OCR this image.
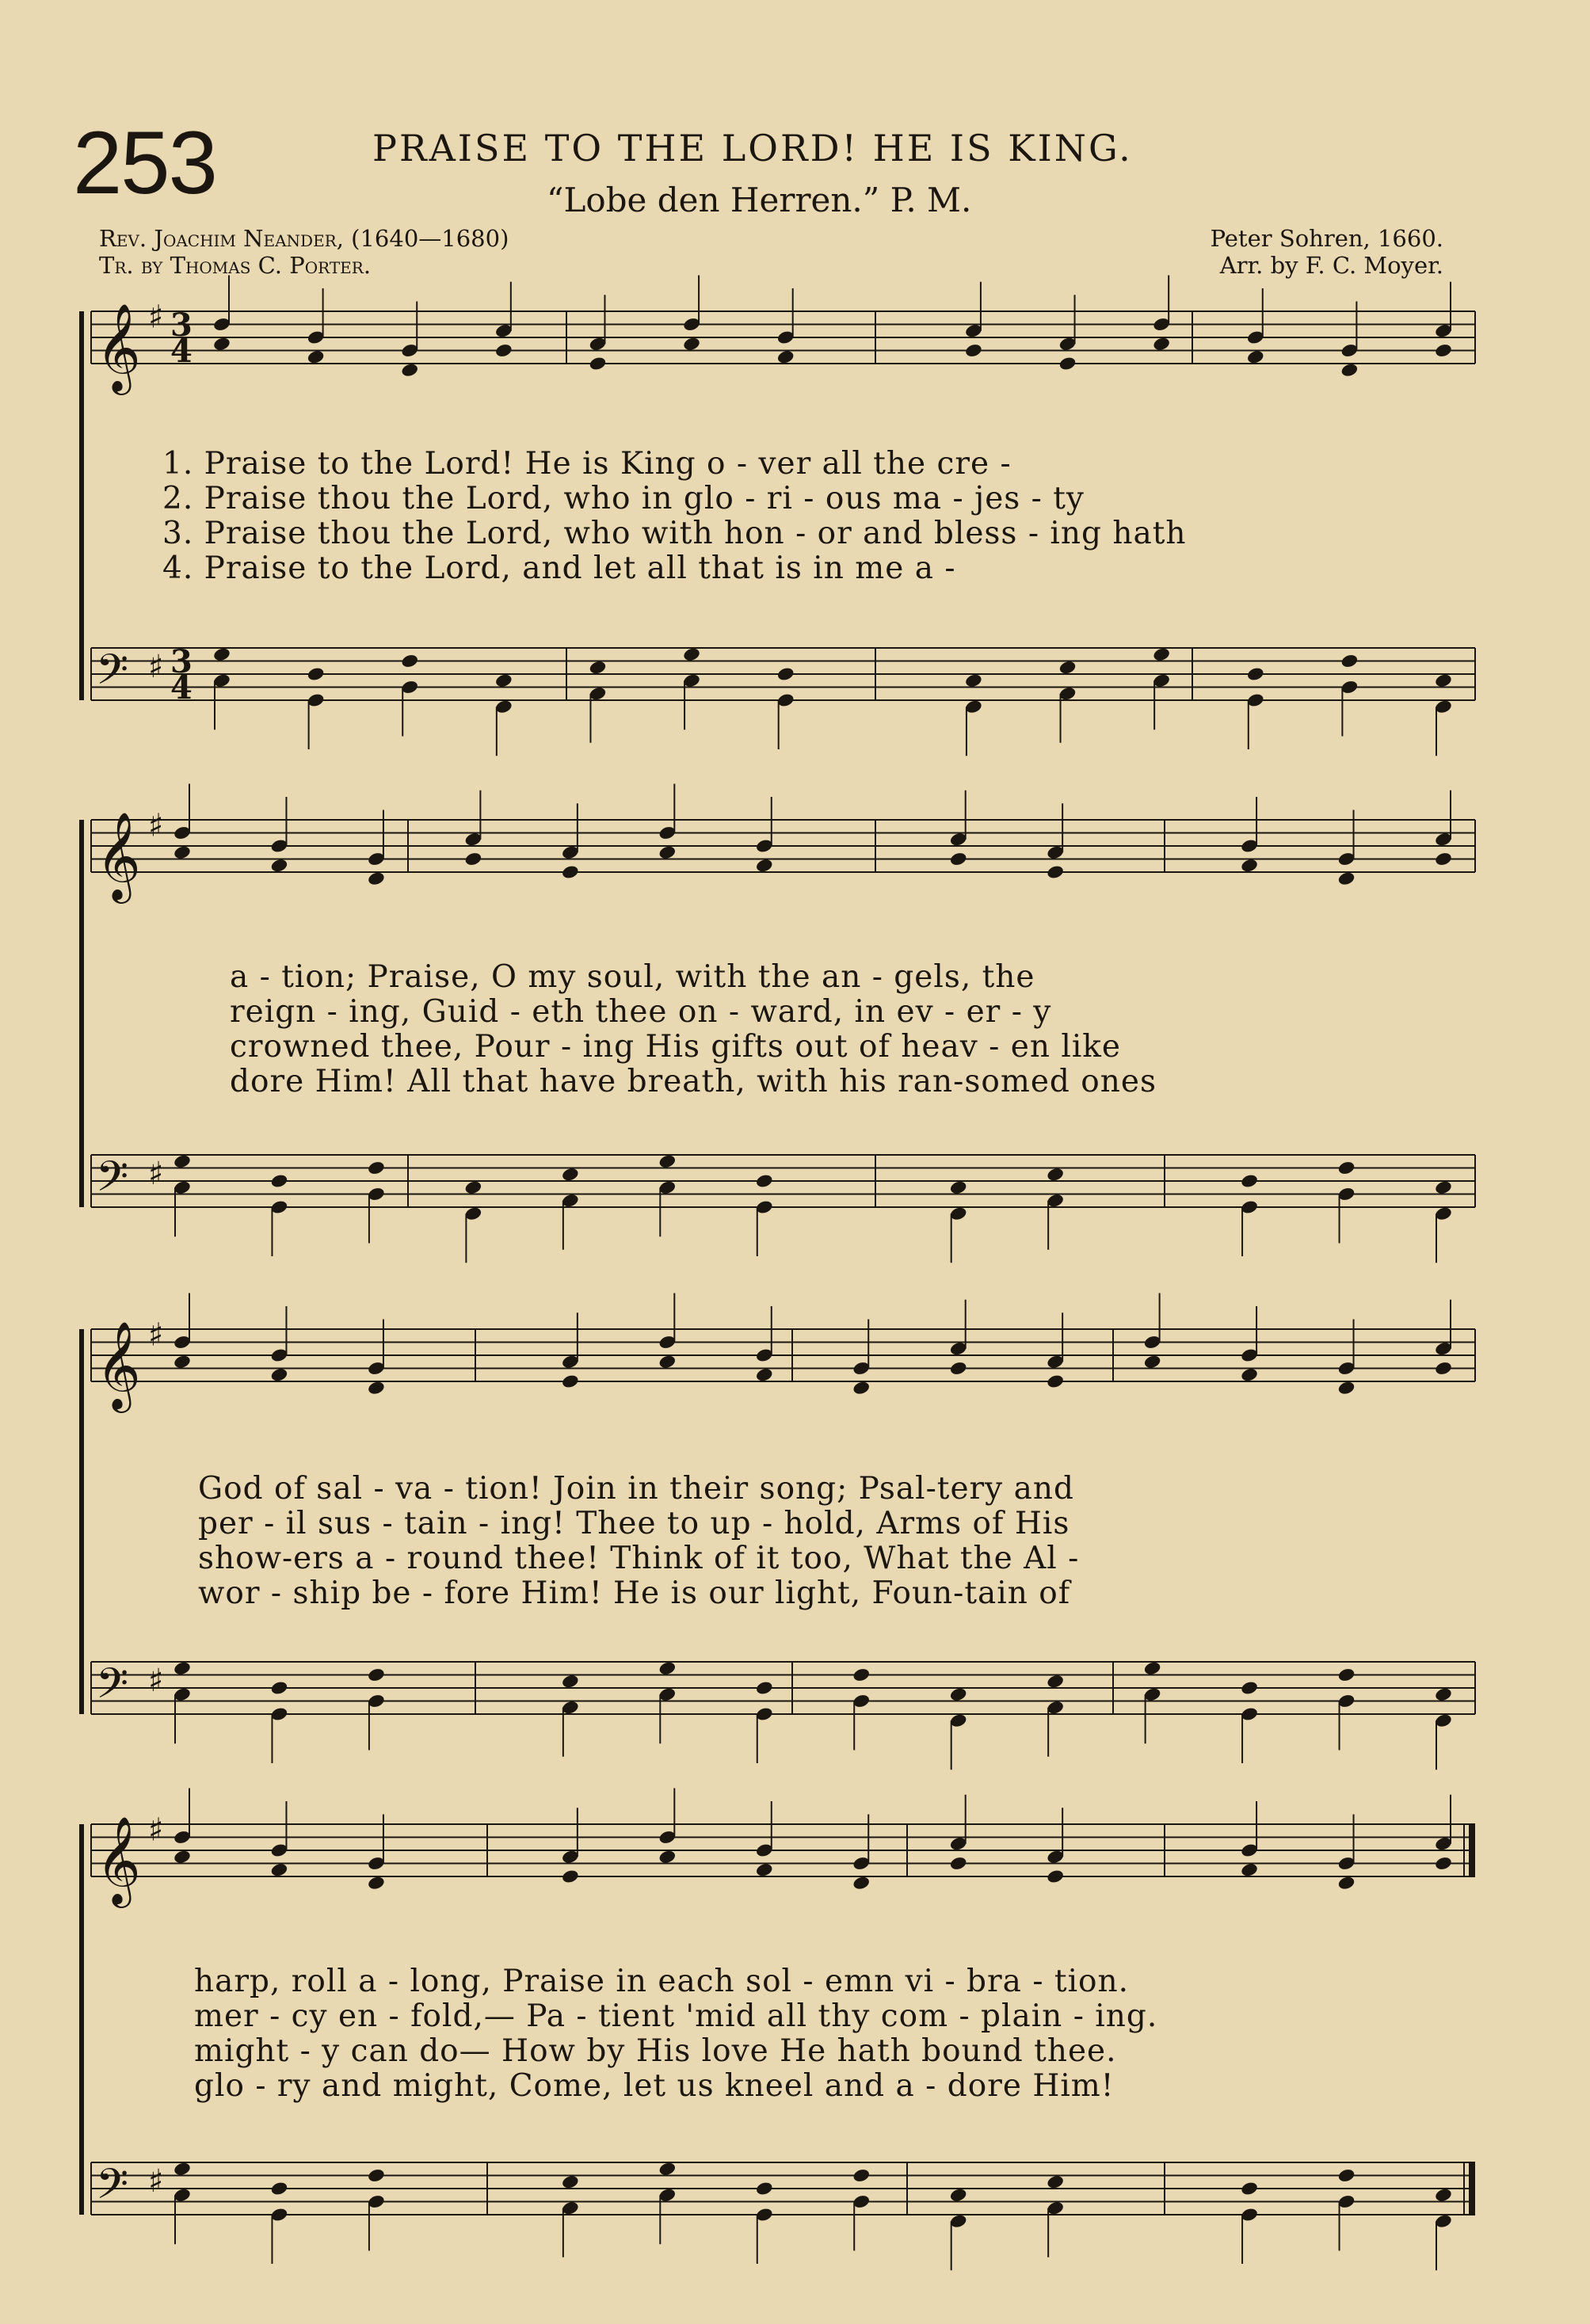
253	PRAISE TO THE LORD! HE IS KING.
“Lobe den Herren.” P. M.
Rev. Joachim Neander, (1640—1680)
Tr. by Thomas C. Porter.
Peter Sohren, 1660.
Arr. by F. C. Moyer.
𝄞 ♯ 3
4
𝄢 ♯ 3
4
𝄞 ♯
𝄢 ♯
𝄞 ♯
𝄢 ♯
𝄞 ♯
𝄢 ♯
1. Praise to the Lord! He is King o - ver all the cre -
2. Praise thou the Lord, who in glo - ri - ous ma - jes - ty
3. Praise thou the Lord, who with hon - or and bless - ing hath
4. Praise to the Lord, and let all that is in me a -
a - tion; Praise, O my soul, with the an - gels, the
reign - ing, Guid - eth thee on - ward, in ev - er - y
crowned thee, Pour - ing His gifts out of heav - en like
dore Him! All that have breath, with his ran-somed ones
God of sal - va - tion! Join in their song; Psal-tery and
per - il sus - tain - ing! Thee to up - hold, Arms of His
show-ers a - round thee! Think of it too, What the Al -
wor - ship be - fore Him! He is our light, Foun-tain of
harp, roll a - long, Praise in each sol - emn vi - bra - tion.
mer - cy en - fold,— Pa - tient 'mid all thy com - plain - ing.
might - y can do— How by His love He hath bound thee.
glo - ry and might, Come, let us kneel and a - dore Him!
